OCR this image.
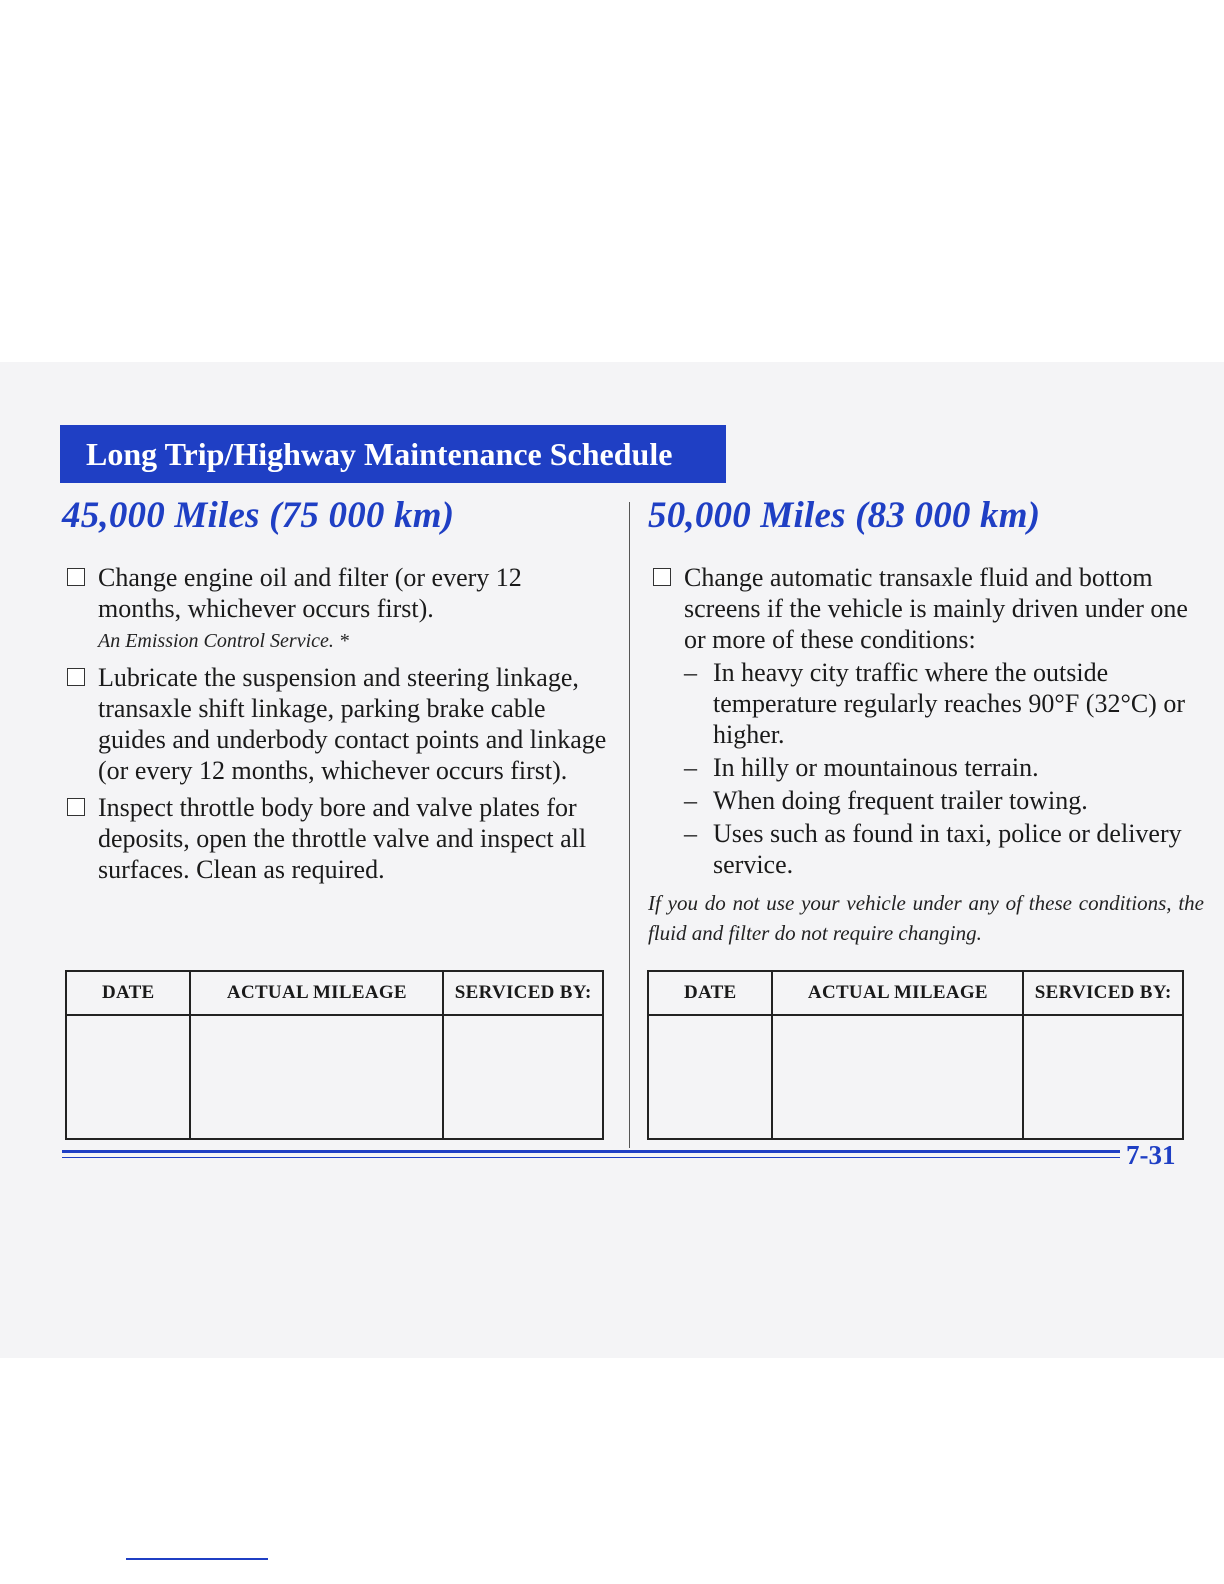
Long Trip/Highway Maintenance Schedule
45,000 Miles (75 000 km)
Change engine oil and filter (or every 12 months, whichever occurs first).
An Emission Control Service. *
Lubricate the suspension and steering linkage, transaxle shift linkage, parking brake cable guides and underbody contact points and linkage (or every 12 months, whichever occurs first).
Inspect throttle body bore and valve plates for deposits, open the throttle valve and inspect all surfaces. Clean as required.
50,000 Miles (83 000 km)
Change automatic transaxle fluid and bottom screens if the vehicle is mainly driven under one or more of these conditions:
– In heavy city traffic where the outside temperature regularly reaches 90°F (32°C) or higher.
– In hilly or mountainous terrain.
– When doing frequent trailer towing.
– Uses such as found in taxi, police or delivery service.
If you do not use your vehicle under any of these conditions, the fluid and filter do not require changing.
DATE	ACTUAL MILEAGE	SERVICED BY:
			DATE	ACTUAL MILEAGE	SERVICED BY:

7-31
